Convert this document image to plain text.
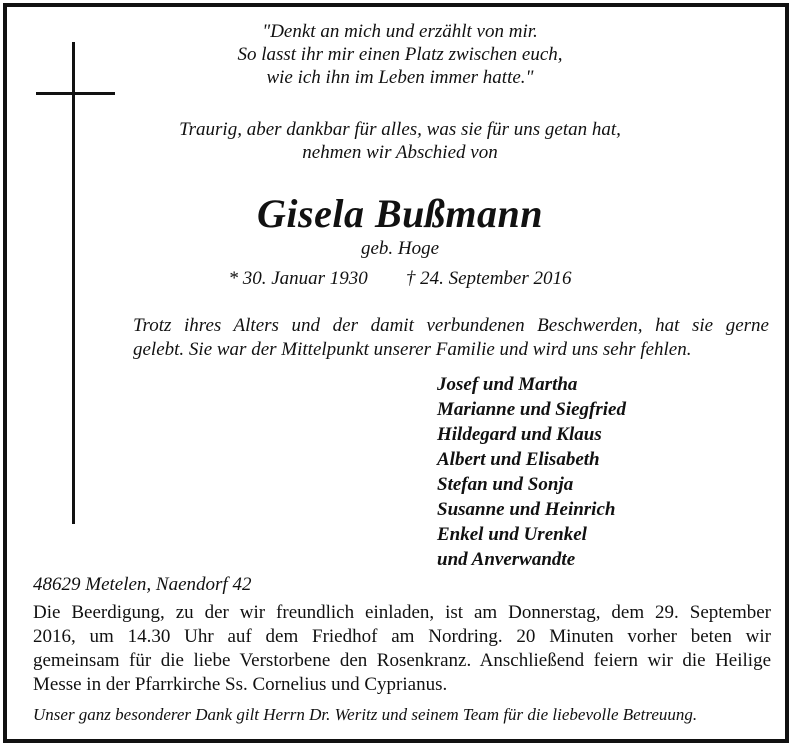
"Denkt an mich und erzählt von mir.
So lasst ihr mir einen Platz zwischen euch,
wie ich ihn im Leben immer hatte."
Traurig, aber dankbar für alles, was sie für uns getan hat,
nehmen wir Abschied von
Gisela Bußmann
geb. Hoge
* 30. Januar 1930 † 24. September 2016
Trotz ihres Alters und der damit verbundenen Beschwerden, hat sie gerne
gelebt. Sie war der Mittelpunkt unserer Familie und wird uns sehr fehlen.
Josef und Martha
Marianne und Siegfried
Hildegard und Klaus
Albert und Elisabeth
Stefan und Sonja
Susanne und Heinrich
Enkel und Urenkel
und Anverwandte
48629 Metelen, Naendorf 42
Die Beerdigung, zu der wir freundlich einladen, ist am Donnerstag, dem 29. September
2016, um 14.30 Uhr auf dem Friedhof am Nordring. 20 Minuten vorher beten wir
gemeinsam für die liebe Verstorbene den Rosenkranz. Anschließend feiern wir die Heilige
Messe in der Pfarrkirche Ss. Cornelius und Cyprianus.
Unser ganz besonderer Dank gilt Herrn Dr. Weritz und seinem Team für die liebevolle Betreuung.
